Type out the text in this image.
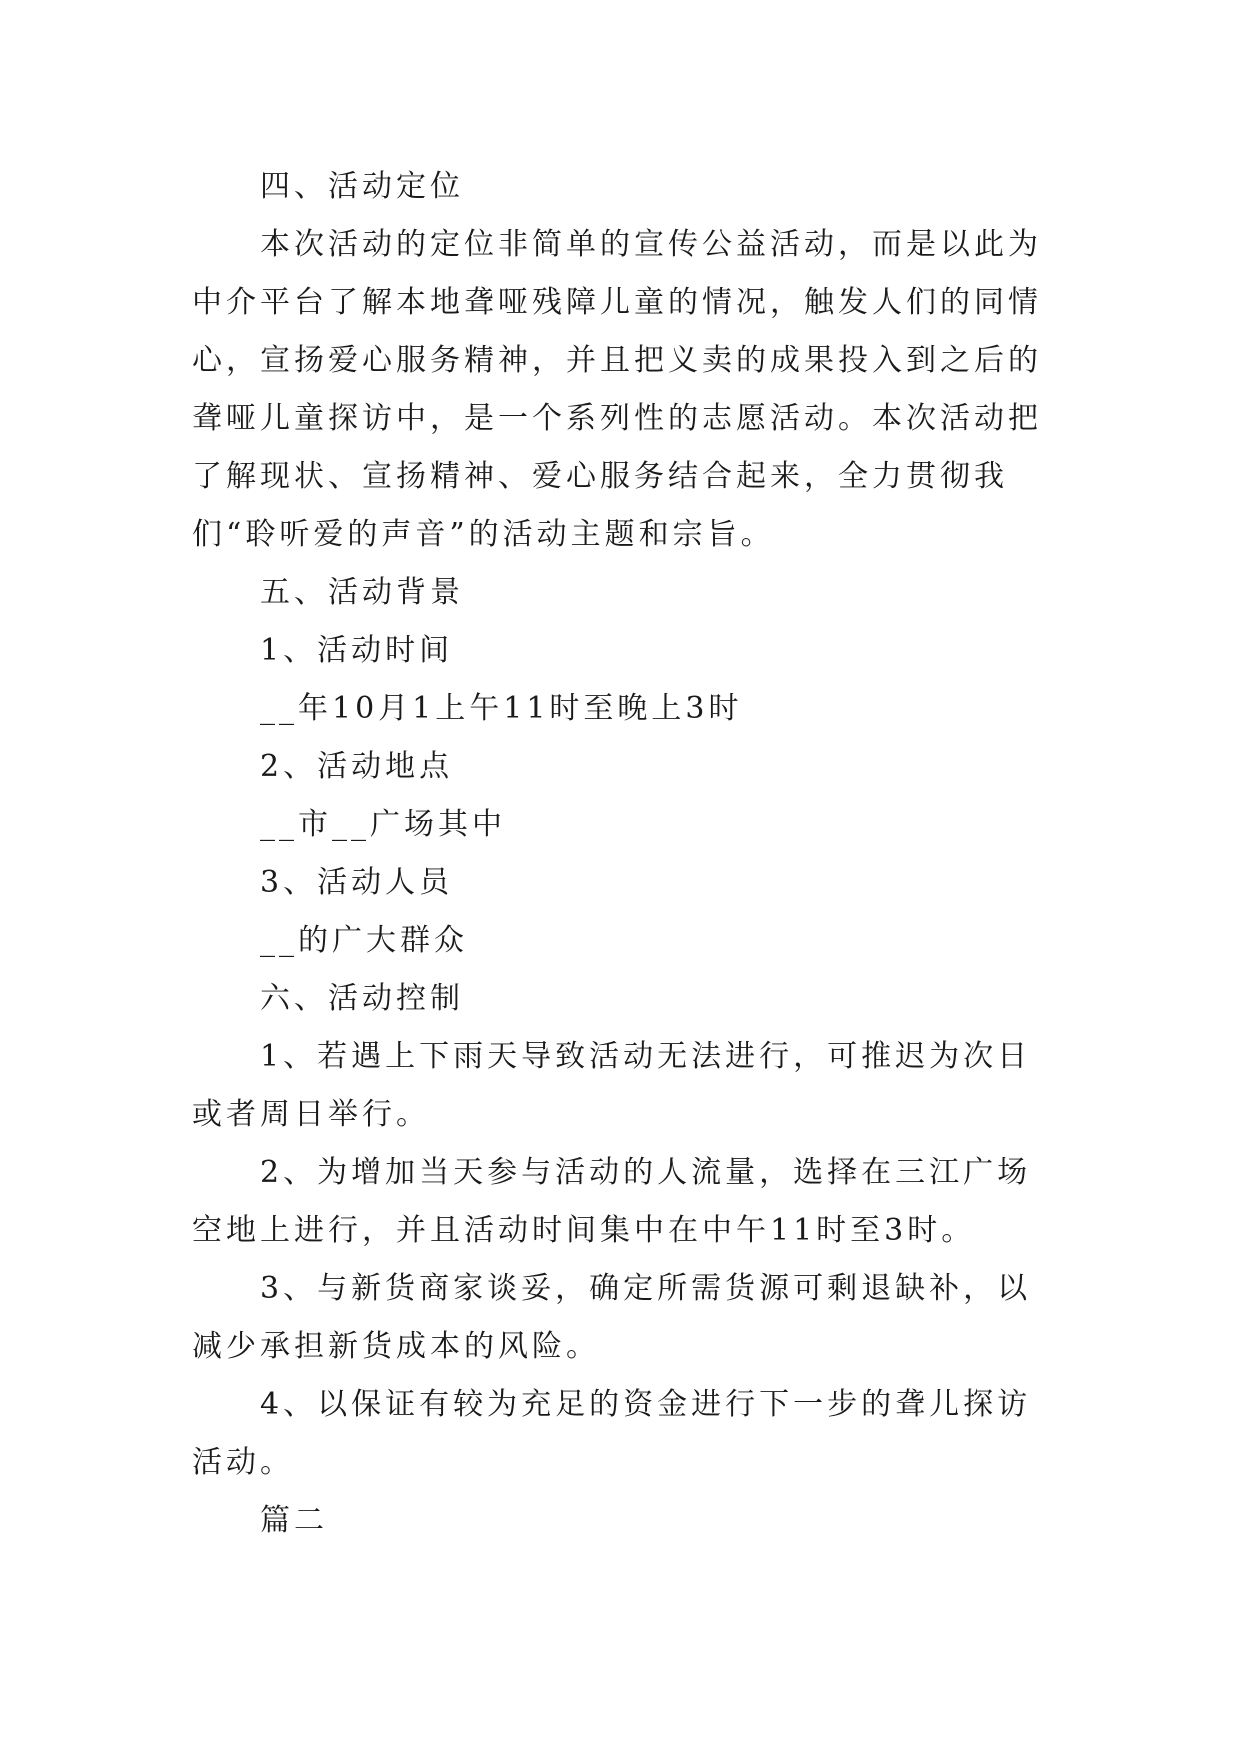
四、活动定位

本次活动的定位非简单的宣传公益活动，而是以此为中介平台了解本地聋哑残障儿童的情况，触发人们的同情心，宣扬爱心服务精神，并且把义卖的成果投入到之后的聋哑儿童探访中，是一个系列性的志愿活动。本次活动把了解现状、宣扬精神、爱心服务结合起来，全力贯彻我们“聆听爱的声音”的活动主题和宗旨。

五、活动背景

1、活动时间

__年10月1上午11时至晚上3时

2、活动地点

__市__广场其中

3、活动人员

__的广大群众

六、活动控制

1、若遇上下雨天导致活动无法进行，可推迟为次日或者周日举行。

2、为增加当天参与活动的人流量，选择在三江广场空地上进行，并且活动时间集中在中午11时至3时。

3、与新货商家谈妥，确定所需货源可剩退缺补，以减少承担新货成本的风险。

4、以保证有较为充足的资金进行下一步的聋儿探访活动。

篇二
